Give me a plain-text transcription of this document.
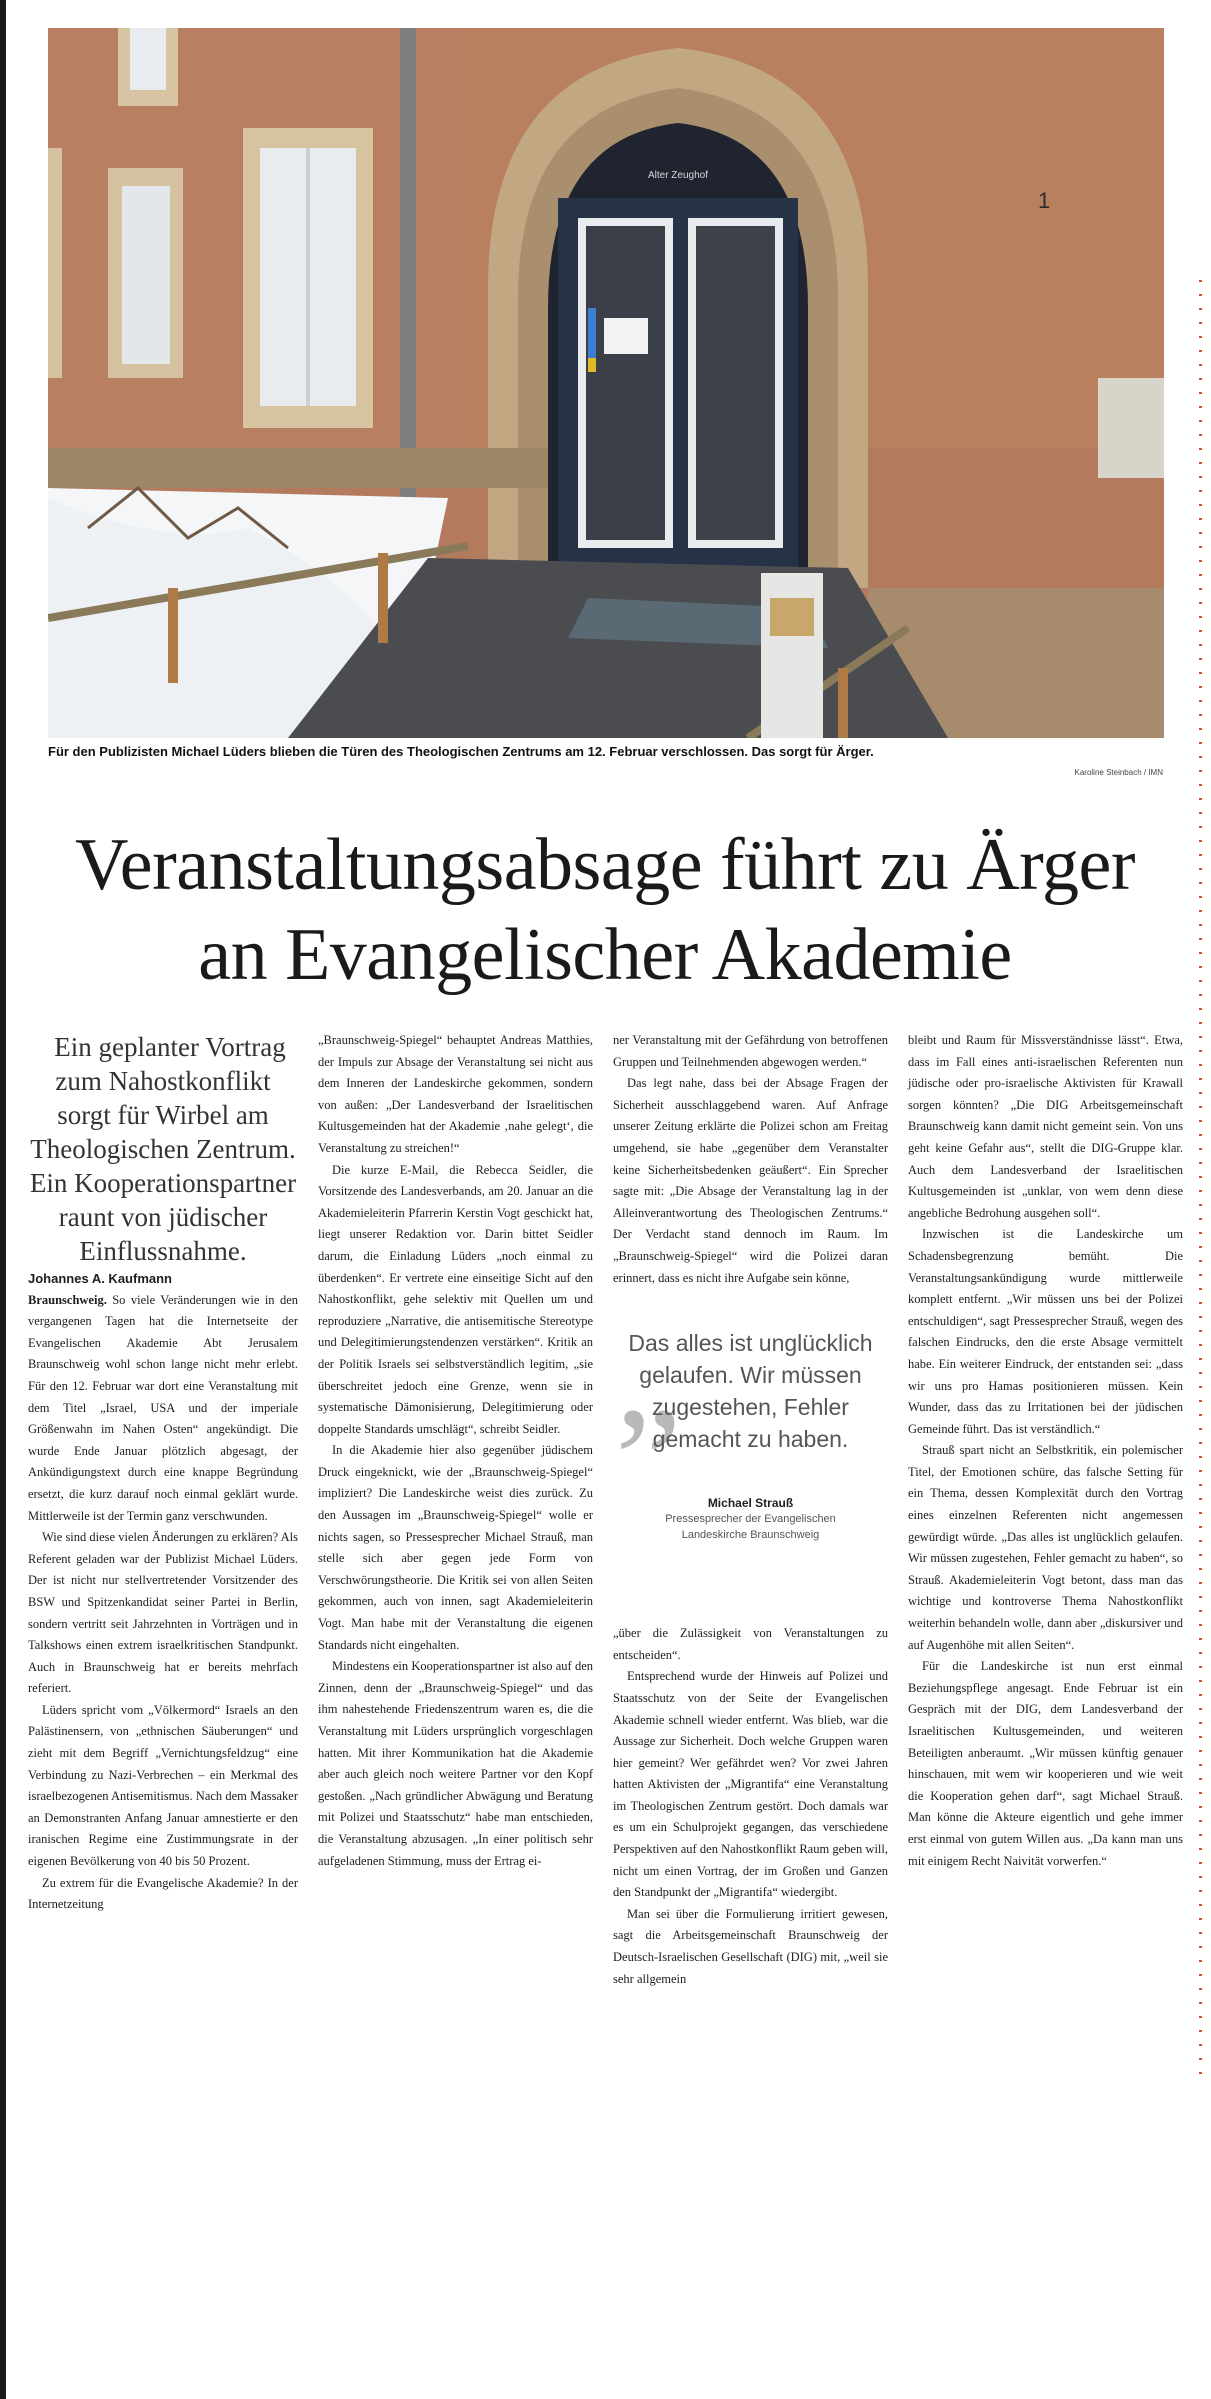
Alter Zeughof
1
Für den Publizisten Michael Lüders blieben die Türen des Theologischen Zentrums am 12. Februar verschlossen. Das sorgt für Ärger.
Karoline Steinbach / IMN
Veranstaltungsabsage führt zu Ärger
an Evangelischer Akademie

Ein geplanter Vortrag zum Nahostkonflikt sorgt für Wirbel am Theologischen Zentrum. Ein Kooperationspartner raunt von jüdischer Einflussnahme.

Johannes A. Kaufmann

Braunschweig. So viele Veränderungen wie in den vergangenen Tagen hat die Internetseite der Evangelischen Akademie Abt Jerusalem Braunschweig wohl schon lange nicht mehr erlebt. Für den 12. Februar war dort eine Veranstaltung mit dem Titel „Israel, USA und der imperiale Größenwahn im Nahen Osten“ angekündigt. Die wurde Ende Januar plötzlich abgesagt, der Ankündigungstext durch eine knappe Begründung ersetzt, die kurz darauf noch einmal geklärt wurde. Mittlerweile ist der Termin ganz verschwunden.

Wie sind diese vielen Änderungen zu erklären? Als Referent geladen war der Publizist Michael Lüders. Der ist nicht nur stellvertretender Vorsitzender des BSW und Spitzenkandidat seiner Partei in Berlin, sondern vertritt seit Jahrzehnten in Vorträgen und in Talkshows einen extrem israelkritischen Standpunkt. Auch in Braunschweig hat er bereits mehrfach referiert.

Lüders spricht vom „Völkermord“ Israels an den Palästinensern, von „ethnischen Säuberungen“ und zieht mit dem Begriff „Vernichtungsfeldzug“ eine Verbindung zu Nazi-Verbrechen – ein Merkmal des israelbezogenen Antisemitismus. Nach dem Massaker an Demonstranten Anfang Januar amnestierte er den iranischen Regime eine Zustimmungsrate in der eigenen Bevölkerung von 40 bis 50 Prozent.

Zu extrem für die Evangelische Akademie? In der Internetzeitung

„Braunschweig-Spiegel“ behauptet Andreas Matthies, der Impuls zur Absage der Veranstaltung sei nicht aus dem Inneren der Landeskirche gekommen, sondern von außen: „Der Landesverband der Israelitischen Kultusgemeinden hat der Akademie ‚nahe gelegt‘, die Veranstaltung zu streichen!“

Die kurze E-Mail, die Rebecca Seidler, die Vorsitzende des Landesverbands, am 20. Januar an die Akademieleiterin Pfarrerin Kerstin Vogt geschickt hat, liegt unserer Redaktion vor. Darin bittet Seidler darum, die Einladung Lüders „noch einmal zu überdenken“. Er vertrete eine einseitige Sicht auf den Nahostkonflikt, gehe selektiv mit Quellen um und reproduziere „Narrative, die antisemitische Stereotype und Delegitimierungstendenzen verstärken“. Kritik an der Politik Israels sei selbstverständlich legitim, „sie überschreitet jedoch eine Grenze, wenn sie in systematische Dämonisierung, Delegitimierung oder doppelte Standards umschlägt“, schreibt Seidler.

In die Akademie hier also gegenüber jüdischem Druck eingeknickt, wie der „Braunschweig-Spiegel“ impliziert? Die Landeskirche weist dies zurück. Zu den Aussagen im „Braunschweig-Spiegel“ wolle er nichts sagen, so Pressesprecher Michael Strauß, man stelle sich aber gegen jede Form von Verschwörungstheorie. Die Kritik sei von allen Seiten gekommen, auch von innen, sagt Akademieleiterin Vogt. Man habe mit der Veranstaltung die eigenen Standards nicht eingehalten.

Mindestens ein Kooperationspartner ist also auf den Zinnen, denn der „Braunschweig-Spiegel“ und das ihm nahestehende Friedenszentrum waren es, die die Veranstaltung mit Lüders ursprünglich vorgeschlagen hatten. Mit ihrer Kommunikation hat die Akademie aber auch gleich noch weitere Partner vor den Kopf gestoßen. „Nach gründlicher Abwägung und Beratung mit Polizei und Staatsschutz“ habe man entschieden, die Veranstaltung abzusagen. „In einer politisch sehr aufgeladenen Stimmung, muss der Ertrag ei-

ner Veranstaltung mit der Gefährdung von betroffenen Gruppen und Teilnehmenden abgewogen werden.“

Das legt nahe, dass bei der Absage Fragen der Sicherheit ausschlaggebend waren. Auf Anfrage unserer Zeitung erklärte die Polizei schon am Freitag umgehend, sie habe „gegenüber dem Veranstalter keine Sicherheitsbedenken geäußert“. Ein Sprecher sagte mit: „Die Absage der Veranstaltung lag in der Alleinverantwortung des Theologischen Zentrums.“ Der Verdacht stand dennoch im Raum. Im „Braunschweig-Spiegel“ wird die Polizei daran erinnert, dass es nicht ihre Aufgabe sein könne,

„
Das alles ist unglücklich gelaufen. Wir müssen zugestehen, Fehler gemacht zu haben.
Michael Strauß
Pressesprecher der Evangelischen Landeskirche Braunschweig

„über die Zulässigkeit von Veranstaltungen zu entscheiden“.

Entsprechend wurde der Hinweis auf Polizei und Staatsschutz von der Seite der Evangelischen Akademie schnell wieder entfernt. Was blieb, war die Aussage zur Sicherheit. Doch welche Gruppen waren hier gemeint? Wer gefährdet wen? Vor zwei Jahren hatten Aktivisten der „Migrantifa“ eine Veranstaltung im Theologischen Zentrum gestört. Doch damals war es um ein Schulprojekt gegangen, das verschiedene Perspektiven auf den Nahostkonflikt Raum geben will, nicht um einen Vortrag, der im Großen und Ganzen den Standpunkt der „Migrantifa“ wiedergibt.

Man sei über die Formulierung irritiert gewesen, sagt die Arbeitsgemeinschaft Braunschweig der Deutsch-Israelischen Gesellschaft (DIG) mit, „weil sie sehr allgemein

bleibt und Raum für Missverständnisse lässt“. Etwa, dass im Fall eines anti-israelischen Referenten nun jüdische oder pro-israelische Aktivisten für Krawall sorgen könnten? „Die DIG Arbeitsgemeinschaft Braunschweig kann damit nicht gemeint sein. Von uns geht keine Gefahr aus“, stellt die DIG-Gruppe klar. Auch dem Landesverband der Israelitischen Kultusgemeinden ist „unklar, von wem denn diese angebliche Bedrohung ausgehen soll“.

Inzwischen ist die Landeskirche um Schadensbegrenzung bemüht. Die Veranstaltungsankündigung wurde mittlerweile komplett entfernt. „Wir müssen uns bei der Polizei entschuldigen“, sagt Pressesprecher Strauß, wegen des falschen Eindrucks, den die erste Absage vermittelt habe. Ein weiterer Eindruck, der entstanden sei: „dass wir uns pro Hamas positionieren müssen. Kein Wunder, dass das zu Irritationen bei der jüdischen Gemeinde führt. Das ist verständlich.“

Strauß spart nicht an Selbstkritik, ein polemischer Titel, der Emotionen schüre, das falsche Setting für ein Thema, dessen Komplexität durch den Vortrag eines einzelnen Referenten nicht angemessen gewürdigt würde. „Das alles ist unglücklich gelaufen. Wir müssen zugestehen, Fehler gemacht zu haben“, so Strauß. Akademieleiterin Vogt betont, dass man das wichtige und kontroverse Thema Nahostkonflikt weiterhin behandeln wolle, dann aber „diskursiver und auf Augenhöhe mit allen Seiten“.

Für die Landeskirche ist nun erst einmal Beziehungspflege angesagt. Ende Februar ist ein Gespräch mit der DIG, dem Landesverband der Israelitischen Kultusgemeinden, und weiteren Beteiligten anberaumt. „Wir müssen künftig genauer hinschauen, mit wem wir kooperieren und wie weit die Kooperation gehen darf“, sagt Michael Strauß. Man könne die Akteure eigentlich und gehe immer erst einmal von gutem Willen aus. „Da kann man uns mit einigem Recht Naivität vorwerfen.“
